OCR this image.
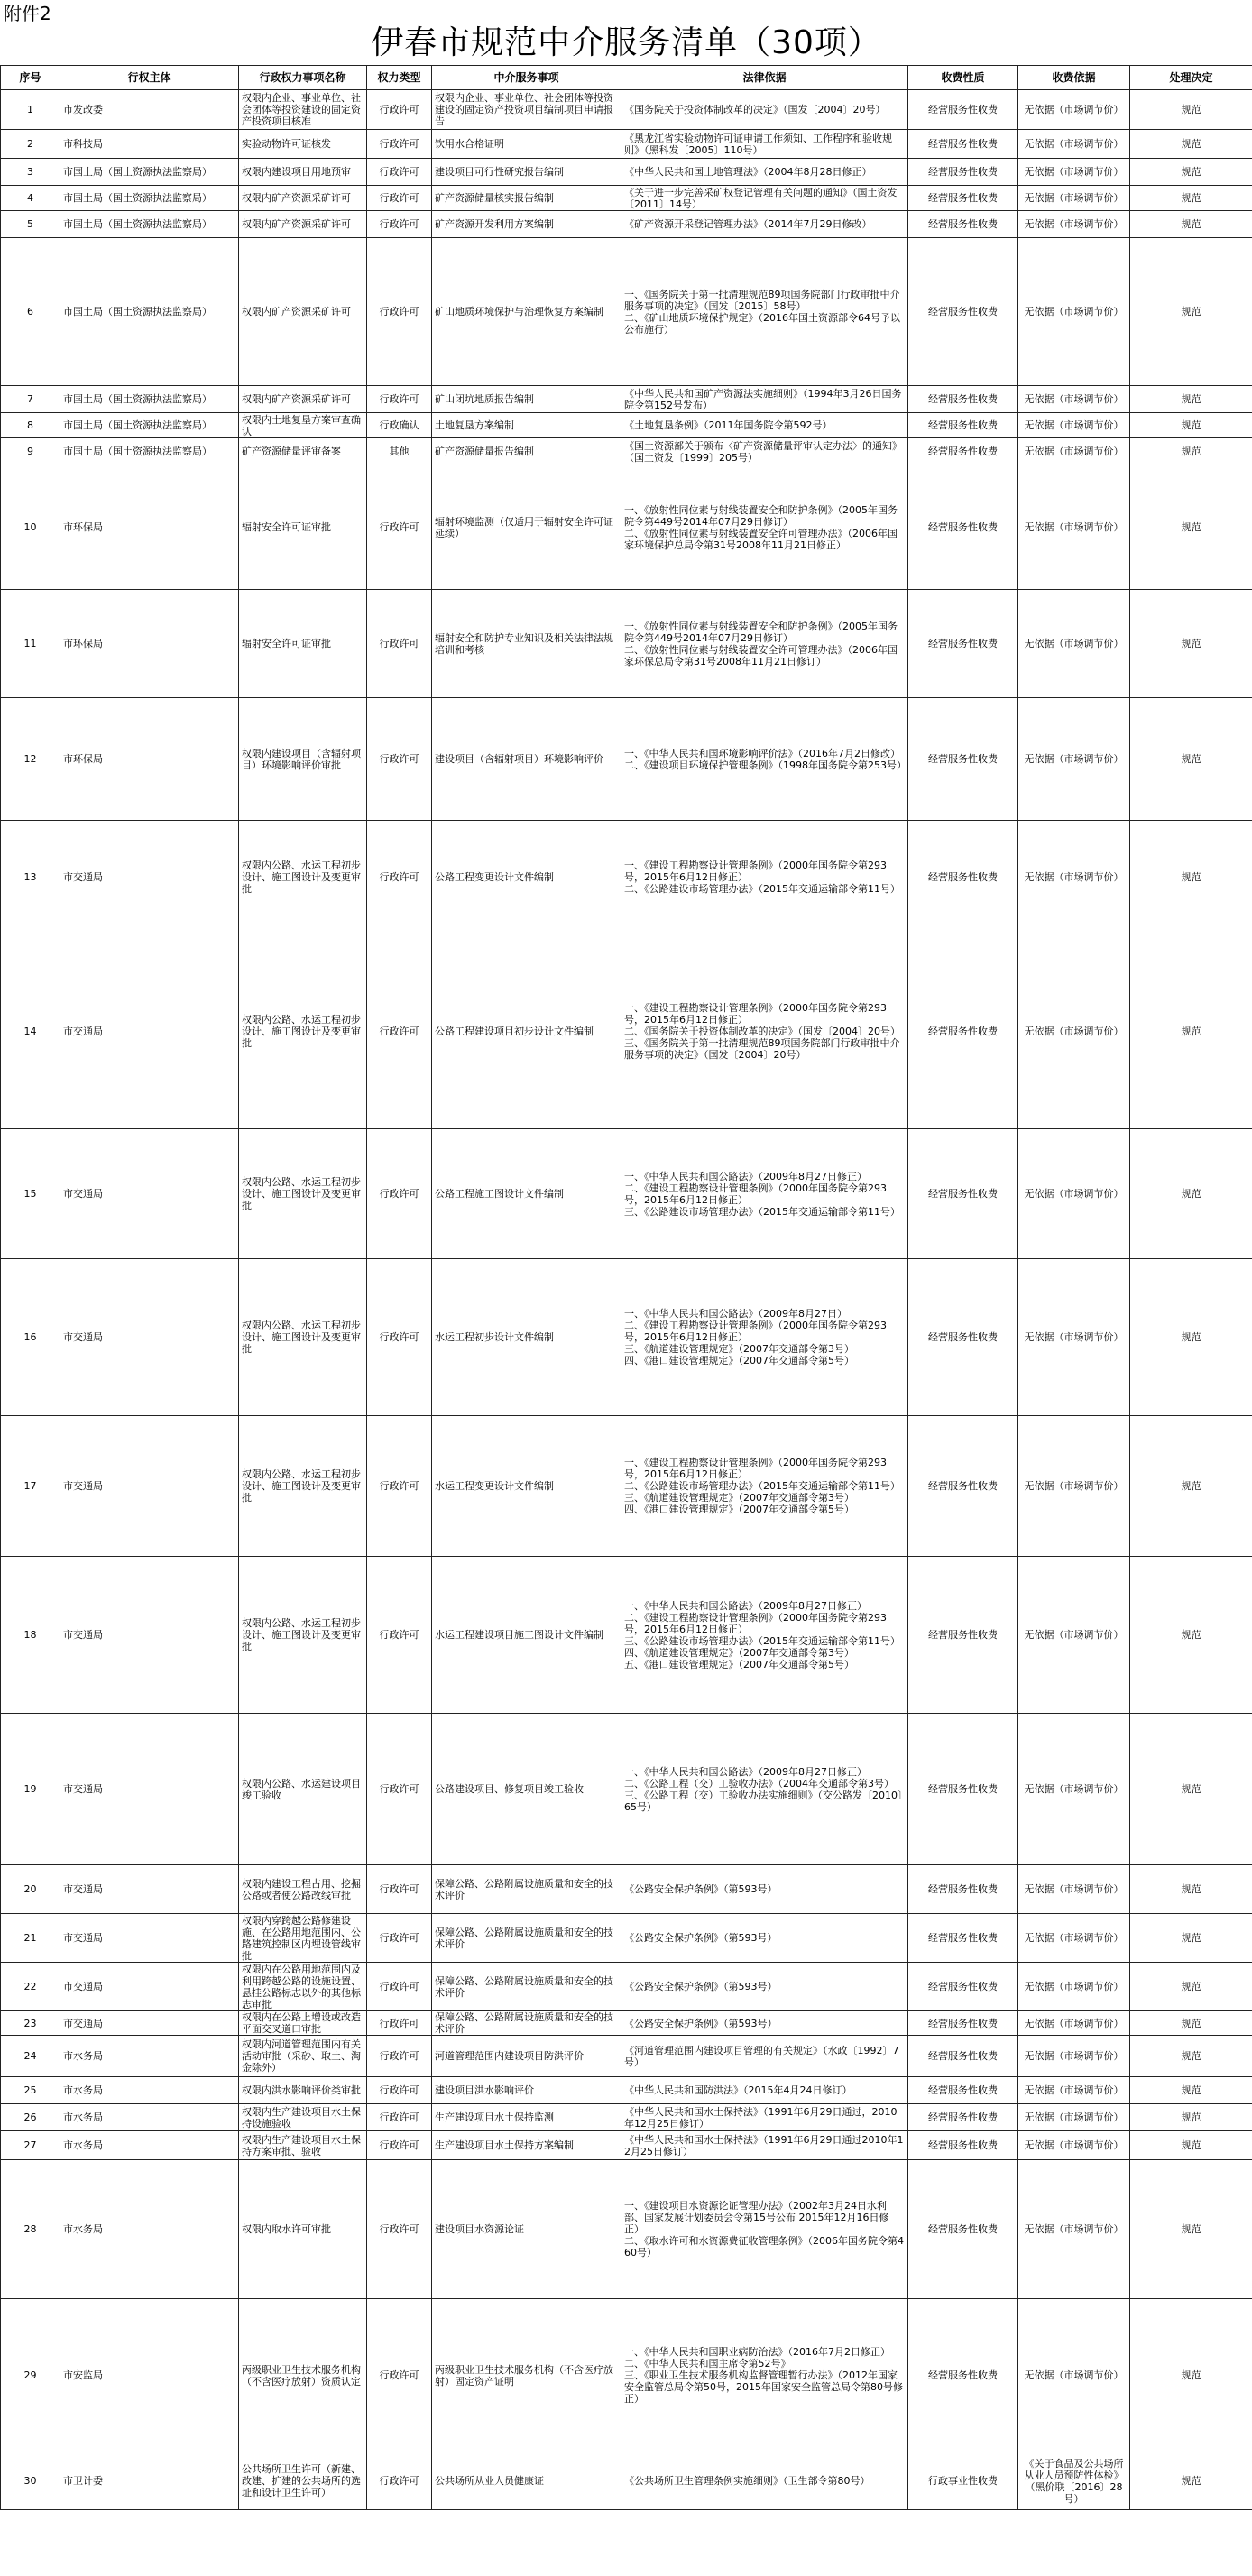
附件2
伊春市规范中介服务清单（30项）
序号	行权主体	行政权力事项名称	权力类型	中介服务事项	法律依据	收费性质	收费依据	处理决定
1	市发改委	权限内企业、事业单位、社会团体等投资建设的固定资产投资项目核准	行政许可	权限内企业、事业单位、社会团体等投资建设的固定资产投资项目编制项目申请报告	《国务院关于投资体制改革的决定》（国发〔2004〕20号）	经营服务性收费	无依据（市场调节价）	规范
2	市科技局	实验动物许可证核发	行政许可	饮用水合格证明	《黑龙江省实验动物许可证申请工作须知、工作程序和验收规则》（黑科发〔2005〕110号）	经营服务性收费	无依据（市场调节价）	规范
3	市国土局（国土资源执法监察局）	权限内建设项目用地预审	行政许可	建设项目可行性研究报告编制	《中华人民共和国土地管理法》（2004年8月28日修正）	经营服务性收费	无依据（市场调节价）	规范
4	市国土局（国土资源执法监察局）	权限内矿产资源采矿许可	行政许可	矿产资源储量核实报告编制	《关于进一步完善采矿权登记管理有关问题的通知》（国土资发〔2011〕14号）	经营服务性收费	无依据（市场调节价）	规范
5	市国土局（国土资源执法监察局）	权限内矿产资源采矿许可	行政许可	矿产资源开发利用方案编制	《矿产资源开采登记管理办法》（2014年7月29日修改）	经营服务性收费	无依据（市场调节价）	规范
6	市国土局（国土资源执法监察局）	权限内矿产资源采矿许可	行政许可	矿山地质环境保护与治理恢复方案编制	一、《国务院关于第一批清理规范89项国务院部门行政审批中介服务事项的决定》（国发〔2015〕58号）
二、《矿山地质环境保护规定》（2016年国土资源部令64号予以公布施行）	经营服务性收费	无依据（市场调节价）	规范
7	市国土局（国土资源执法监察局）	权限内矿产资源采矿许可	行政许可	矿山闭坑地质报告编制	《中华人民共和国矿产资源法实施细则》（1994年3月26日国务院令第152号发布）	经营服务性收费	无依据（市场调节价）	规范
8	市国土局（国土资源执法监察局）	权限内土地复垦方案审查确认	行政确认	土地复垦方案编制	《土地复垦条例》（2011年国务院令第592号）	经营服务性收费	无依据（市场调节价）	规范
9	市国土局（国土资源执法监察局）	矿产资源储量评审备案	其他	矿产资源储量报告编制	《国土资源部关于颁布〈矿产资源储量评审认定办法〉的通知》（国土资发〔1999〕205号）	经营服务性收费	无依据（市场调节价）	规范
10	市环保局	辐射安全许可证审批	行政许可	辐射环境监测（仅适用于辐射安全许可证延续）	一、《放射性同位素与射线装置安全和防护条例》（2005年国务院令第449号2014年07月29日修订）
二、《放射性同位素与射线装置安全许可管理办法》（2006年国家环境保护总局令第31号2008年11月21日修正）	经营服务性收费	无依据（市场调节价）	规范
11	市环保局	辐射安全许可证审批	行政许可	辐射安全和防护专业知识及相关法律法规培训和考核	一、《放射性同位素与射线装置安全和防护条例》（2005年国务院令第449号2014年07月29日修订）
二、《放射性同位素与射线装置安全许可管理办法》（2006年国家环保总局令第31号2008年11月21日修订）	经营服务性收费	无依据（市场调节价）	规范
12	市环保局	权限内建设项目（含辐射项目）环境影响评价审批	行政许可	建设项目（含辐射项目）环境影响评价	一、《中华人民共和国环境影响评价法》（2016年7月2日修改）
二、《建设项目环境保护管理条例》（1998年国务院令第253号）	经营服务性收费	无依据（市场调节价）	规范
13	市交通局	权限内公路、水运工程初步设计、施工图设计及变更审批	行政许可	公路工程变更设计文件编制	一、《建设工程勘察设计管理条例》（2000年国务院令第293号，2015年6月12日修正）
二、《公路建设市场管理办法》（2015年交通运输部令第11号）	经营服务性收费	无依据（市场调节价）	规范
14	市交通局	权限内公路、水运工程初步设计、施工图设计及变更审批	行政许可	公路工程建设项目初步设计文件编制	一、《建设工程勘察设计管理条例》（2000年国务院令第293号，2015年6月12日修正）
二、《国务院关于投资体制改革的决定》（国发〔2004〕20号）
三、《国务院关于第一批清理规范89项国务院部门行政审批中介服务事项的决定》（国发〔2004〕20号）	经营服务性收费	无依据（市场调节价）	规范
15	市交通局	权限内公路、水运工程初步设计、施工图设计及变更审批	行政许可	公路工程施工图设计文件编制	一、《中华人民共和国公路法》（2009年8月27日修正）
二、《建设工程勘察设计管理条例》（2000年国务院令第293号，2015年6月12日修正）
三、《公路建设市场管理办法》（2015年交通运输部令第11号）	经营服务性收费	无依据（市场调节价）	规范
16	市交通局	权限内公路、水运工程初步设计、施工图设计及变更审批	行政许可	水运工程初步设计文件编制	一、《中华人民共和国公路法》（2009年8月27日）
二、《建设工程勘察设计管理条例》（2000年国务院令第293号，2015年6月12日修正）
三、《航道建设管理规定》（2007年交通部令第3号）
四、《港口建设管理规定》（2007年交通部令第5号）	经营服务性收费	无依据（市场调节价）	规范
17	市交通局	权限内公路、水运工程初步设计、施工图设计及变更审批	行政许可	水运工程变更设计文件编制	一、《建设工程勘察设计管理条例》（2000年国务院令第293号，2015年6月12日修正）
二、《公路建设市场管理办法》（2015年交通运输部令第11号）
三、《航道建设管理规定》（2007年交通部令第3号）
四、《港口建设管理规定》（2007年交通部令第5号）	经营服务性收费	无依据（市场调节价）	规范
18	市交通局	权限内公路、水运工程初步设计、施工图设计及变更审批	行政许可	水运工程建设项目施工图设计文件编制	一、《中华人民共和国公路法》（2009年8月27日修正）
二、《建设工程勘察设计管理条例》（2000年国务院令第293号，2015年6月12日修正）
三、《公路建设市场管理办法》（2015年交通运输部令第11号）
四、《航道建设管理规定》（2007年交通部令第3号）
五、《港口建设管理规定》（2007年交通部令第5号）	经营服务性收费	无依据（市场调节价）	规范
19	市交通局	权限内公路、水运建设项目竣工验收	行政许可	公路建设项目、修复项目竣工验收	一、《中华人民共和国公路法》（2009年8月27日修正）
二、《公路工程（交）工验收办法》（2004年交通部令第3号）
三、《公路工程（交）工验收办法实施细则》（交公路发〔2010〕65号）	经营服务性收费	无依据（市场调节价）	规范
20	市交通局	权限内建设工程占用、挖掘公路或者使公路改线审批	行政许可	保障公路、公路附属设施质量和安全的技术评价	《公路安全保护条例》（第593号）	经营服务性收费	无依据（市场调节价）	规范
21	市交通局	权限内穿跨越公路修建设施、在公路用地范围内、公路建筑控制区内埋设管线审批	行政许可	保障公路、公路附属设施质量和安全的技术评价	《公路安全保护条例》（第593号）	经营服务性收费	无依据（市场调节价）	规范
22	市交通局	权限内在公路用地范围内及利用跨越公路的设施设置、悬挂公路标志以外的其他标志审批	行政许可	保障公路、公路附属设施质量和安全的技术评价	《公路安全保护条例》（第593号）	经营服务性收费	无依据（市场调节价）	规范
23	市交通局	权限内在公路上增设或改造平面交叉道口审批	行政许可	保障公路、公路附属设施质量和安全的技术评价	《公路安全保护条例》（第593号）	经营服务性收费	无依据（市场调节价）	规范
24	市水务局	权限内河道管理范围内有关活动审批（采砂、取土、淘金除外）	行政许可	河道管理范围内建设项目防洪评价	《河道管理范围内建设项目管理的有关规定》（水政〔1992〕7号）	经营服务性收费	无依据（市场调节价）	规范
25	市水务局	权限内洪水影响评价类审批	行政许可	建设项目洪水影响评价	《中华人民共和国防洪法》（2015年4月24日修订）	经营服务性收费	无依据（市场调节价）	规范
26	市水务局	权限内生产建设项目水土保持设施验收	行政许可	生产建设项目水土保持监测	《中华人民共和国水土保持法》（1991年6月29日通过，2010年12月25日修订）	经营服务性收费	无依据（市场调节价）	规范
27	市水务局	权限内生产建设项目水土保持方案审批、验收	行政许可	生产建设项目水土保持方案编制	《中华人民共和国水土保持法》（1991年6月29日通过2010年12月25日修订）	经营服务性收费	无依据（市场调节价）	规范
28	市水务局	权限内取水许可审批	行政许可	建设项目水资源论证	一、《建设项目水资源论证管理办法》（2002年3月24日水利部、国家发展计划委员会令第15号公布 2015年12月16日修正）
二、《取水许可和水资源费征收管理条例》（2006年国务院令第460号）	经营服务性收费	无依据（市场调节价）	规范
29	市安监局	丙级职业卫生技术服务机构（不含医疗放射）资质认定	行政许可	丙级职业卫生技术服务机构（不含医疗放射）固定资产证明	一、《中华人民共和国职业病防治法》（2016年7月2日修正）
二、《中华人民共和国主席令第52号》
三、《职业卫生技术服务机构监督管理暂行办法》（2012年国家安全监管总局令第50号，2015年国家安全监管总局令第80号修正）	经营服务性收费	无依据（市场调节价）	规范
30	市卫计委	公共场所卫生许可（新建、改建、扩建的公共场所的选址和设计卫生许可）	行政许可	公共场所从业人员健康证	《公共场所卫生管理条例实施细则》（卫生部令第80号）	行政事业性收费	《关于食品及公共场所从业人员预防性体检》（黑价联〔2016〕28号）	规范
